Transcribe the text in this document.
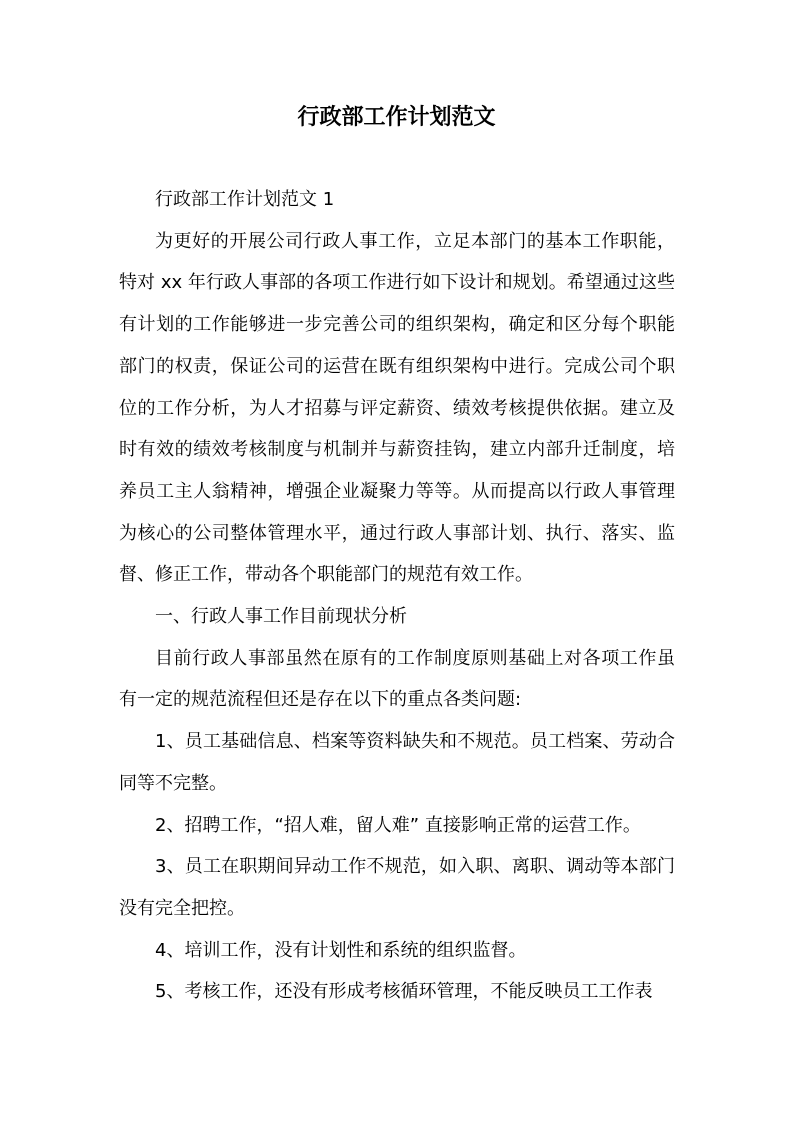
行政部工作计划范文

行政部工作计划范文 1

为更好的开展公司行政人事工作，立足本部门的基本工作职能，特对 xx 年行政人事部的各项工作进行如下设计和规划。希望通过这些有计划的工作能够进一步完善公司的组织架构，确定和区分每个职能部门的权责，保证公司的运营在既有组织架构中进行。完成公司个职位的工作分析，为人才招募与评定薪资、绩效考核提供依据。建立及时有效的绩效考核制度与机制并与薪资挂钩，建立内部升迁制度，培养员工主人翁精神，增强企业凝聚力等等。从而提高以行政人事管理为核心的公司整体管理水平，通过行政人事部计划、执行、落实、监督、修正工作，带动各个职能部门的规范有效工作。

一、行政人事工作目前现状分析

目前行政人事部虽然在原有的工作制度原则基础上对各项工作虽有一定的规范流程但还是存在以下的重点各类问题:

1、员工基础信息、档案等资料缺失和不规范。员工档案、劳动合同等不完整。

2、招聘工作，“招人难，留人难” 直接影响正常的运营工作。

3、员工在职期间异动工作不规范，如入职、离职、调动等本部门没有完全把控。

4、培训工作，没有计划性和系统的组织监督。

5、考核工作，还没有形成考核循环管理，不能反映员工工作表
